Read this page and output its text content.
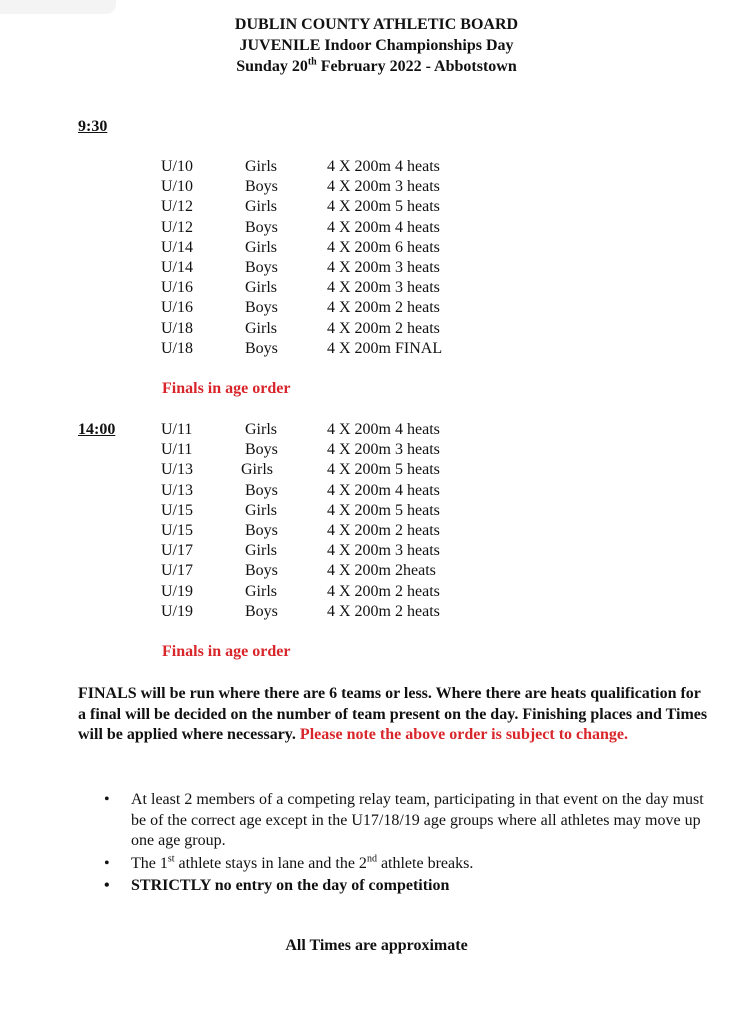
DUBLIN COUNTY ATHLETIC BOARD
JUVENILE Indoor Championships Day
Sunday 20th February 2022 - Abbotstown
9:30
U/10	Girls	4 X 200m 4 heats
U/10	Boys	4 X 200m 3 heats
U/12	Girls	4 X 200m 5 heats
U/12	Boys	4 X 200m 4 heats
U/14	Girls	4 X 200m 6 heats
U/14	Boys	4 X 200m 3 heats
U/16	Girls	4 X 200m 3 heats
U/16	Boys	4 X 200m 2 heats
U/18	Girls	4 X 200m 2 heats
U/18	Boys	4 X 200m FINAL
Finals in age order
14:00	U/11	Girls	4 X 200m 4 heats
U/11	Boys	4 X 200m 3 heats
U/13	Girls	4 X 200m 5 heats
U/13	Boys	4 X 200m 4 heats
U/15	Girls	4 X 200m 5 heats
U/15	Boys	4 X 200m 2 heats
U/17	Girls	4 X 200m 3 heats
U/17	Boys	4 X 200m 2heats
U/19	Girls	4 X 200m 2 heats
U/19	Boys	4 X 200m 2 heats
Finals in age order
FINALS will be run where there are 6 teams or less. Where there are heats qualification for a final will be decided on the number of team present on the day. Finishing places and Times will be applied where necessary. Please note the above order is subject to change.
• At least 2 members of a competing relay team, participating in that event on the day must be of the correct age except in the U17/18/19 age groups where all athletes may move up one age group.
• The 1st athlete stays in lane and the 2nd athlete breaks.
• STRICTLY no entry on the day of competition
All Times are approximate
